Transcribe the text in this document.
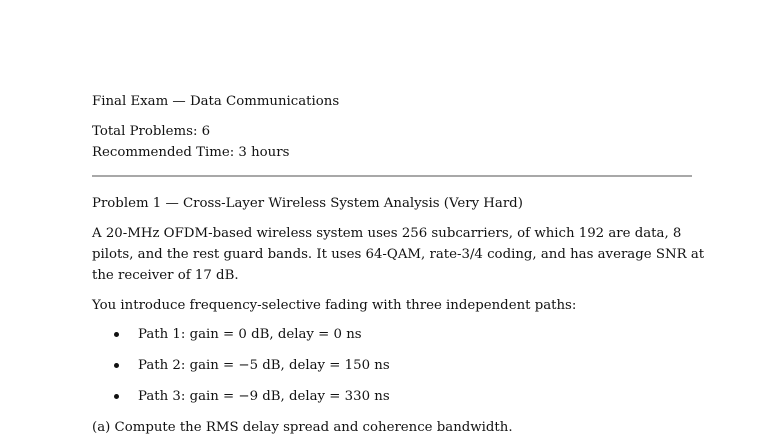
Final Exam — Data Communications
Total Problems: 6
Recommended Time: 3 hours
Problem 1 — Cross-Layer Wireless System Analysis (Very Hard)
A 20-MHz OFDM-based wireless system uses 256 subcarriers, of which 192 are data, 8
pilots, and the rest guard bands. It uses 64-QAM, rate-3/4 coding, and has average SNR at
the receiver of 17 dB.
You introduce frequency-selective fading with three independent paths:
Path 1: gain = 0 dB, delay = 0 ns
Path 2: gain = −5 dB, delay = 150 ns
Path 3: gain = −9 dB, delay = 330 ns
(a) Compute the RMS delay spread and coherence bandwidth.
